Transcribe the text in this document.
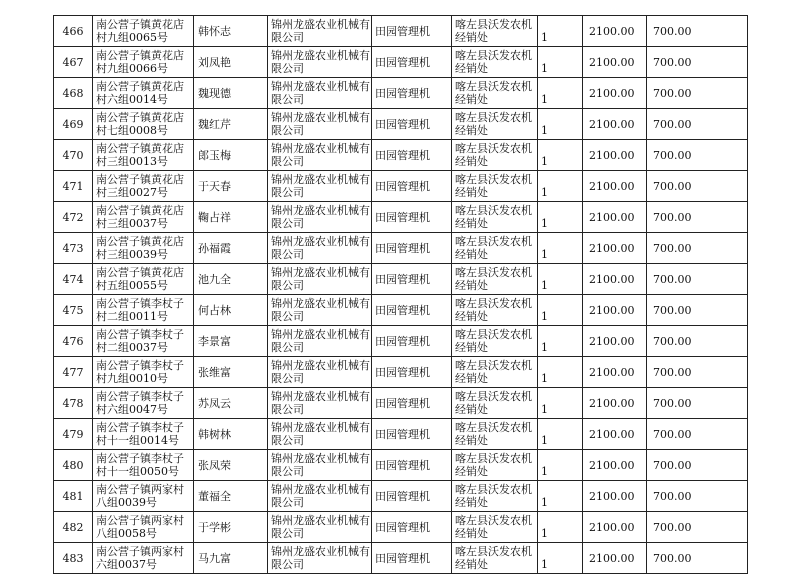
466	南公营子镇黄花店村九组0065号	韩怀志	锦州龙盛农业机械有限公司	田园管理机	喀左县沃发农机经销处	1	2100.00	700.00
467	南公营子镇黄花店村九组0066号	刘凤艳	锦州龙盛农业机械有限公司	田园管理机	喀左县沃发农机经销处	1	2100.00	700.00
468	南公营子镇黄花店村六组0014号	魏现德	锦州龙盛农业机械有限公司	田园管理机	喀左县沃发农机经销处	1	2100.00	700.00
469	南公营子镇黄花店村七组0008号	魏红芹	锦州龙盛农业机械有限公司	田园管理机	喀左县沃发农机经销处	1	2100.00	700.00
470	南公营子镇黄花店村三组0013号	郎玉梅	锦州龙盛农业机械有限公司	田园管理机	喀左县沃发农机经销处	1	2100.00	700.00
471	南公营子镇黄花店村三组0027号	于天春	锦州龙盛农业机械有限公司	田园管理机	喀左县沃发农机经销处	1	2100.00	700.00
472	南公营子镇黄花店村三组0037号	鞠占祥	锦州龙盛农业机械有限公司	田园管理机	喀左县沃发农机经销处	1	2100.00	700.00
473	南公营子镇黄花店村三组0039号	孙福霞	锦州龙盛农业机械有限公司	田园管理机	喀左县沃发农机经销处	1	2100.00	700.00
474	南公营子镇黄花店村五组0055号	池九全	锦州龙盛农业机械有限公司	田园管理机	喀左县沃发农机经销处	1	2100.00	700.00
475	南公营子镇李杖子村二组0011号	何占林	锦州龙盛农业机械有限公司	田园管理机	喀左县沃发农机经销处	1	2100.00	700.00
476	南公营子镇李杖子村二组0037号	李景富	锦州龙盛农业机械有限公司	田园管理机	喀左县沃发农机经销处	1	2100.00	700.00
477	南公营子镇李杖子村九组0010号	张维富	锦州龙盛农业机械有限公司	田园管理机	喀左县沃发农机经销处	1	2100.00	700.00
478	南公营子镇李杖子村六组0047号	苏凤云	锦州龙盛农业机械有限公司	田园管理机	喀左县沃发农机经销处	1	2100.00	700.00
479	南公营子镇李杖子村十一组0014号	韩树林	锦州龙盛农业机械有限公司	田园管理机	喀左县沃发农机经销处	1	2100.00	700.00
480	南公营子镇李杖子村十一组0050号	张凤荣	锦州龙盛农业机械有限公司	田园管理机	喀左县沃发农机经销处	1	2100.00	700.00
481	南公营子镇两家村八组0039号	董福全	锦州龙盛农业机械有限公司	田园管理机	喀左县沃发农机经销处	1	2100.00	700.00
482	南公营子镇两家村八组0058号	于学彬	锦州龙盛农业机械有限公司	田园管理机	喀左县沃发农机经销处	1	2100.00	700.00
483	南公营子镇两家村六组0037号	马九富	锦州龙盛农业机械有限公司	田园管理机	喀左县沃发农机经销处	1	2100.00	700.00
